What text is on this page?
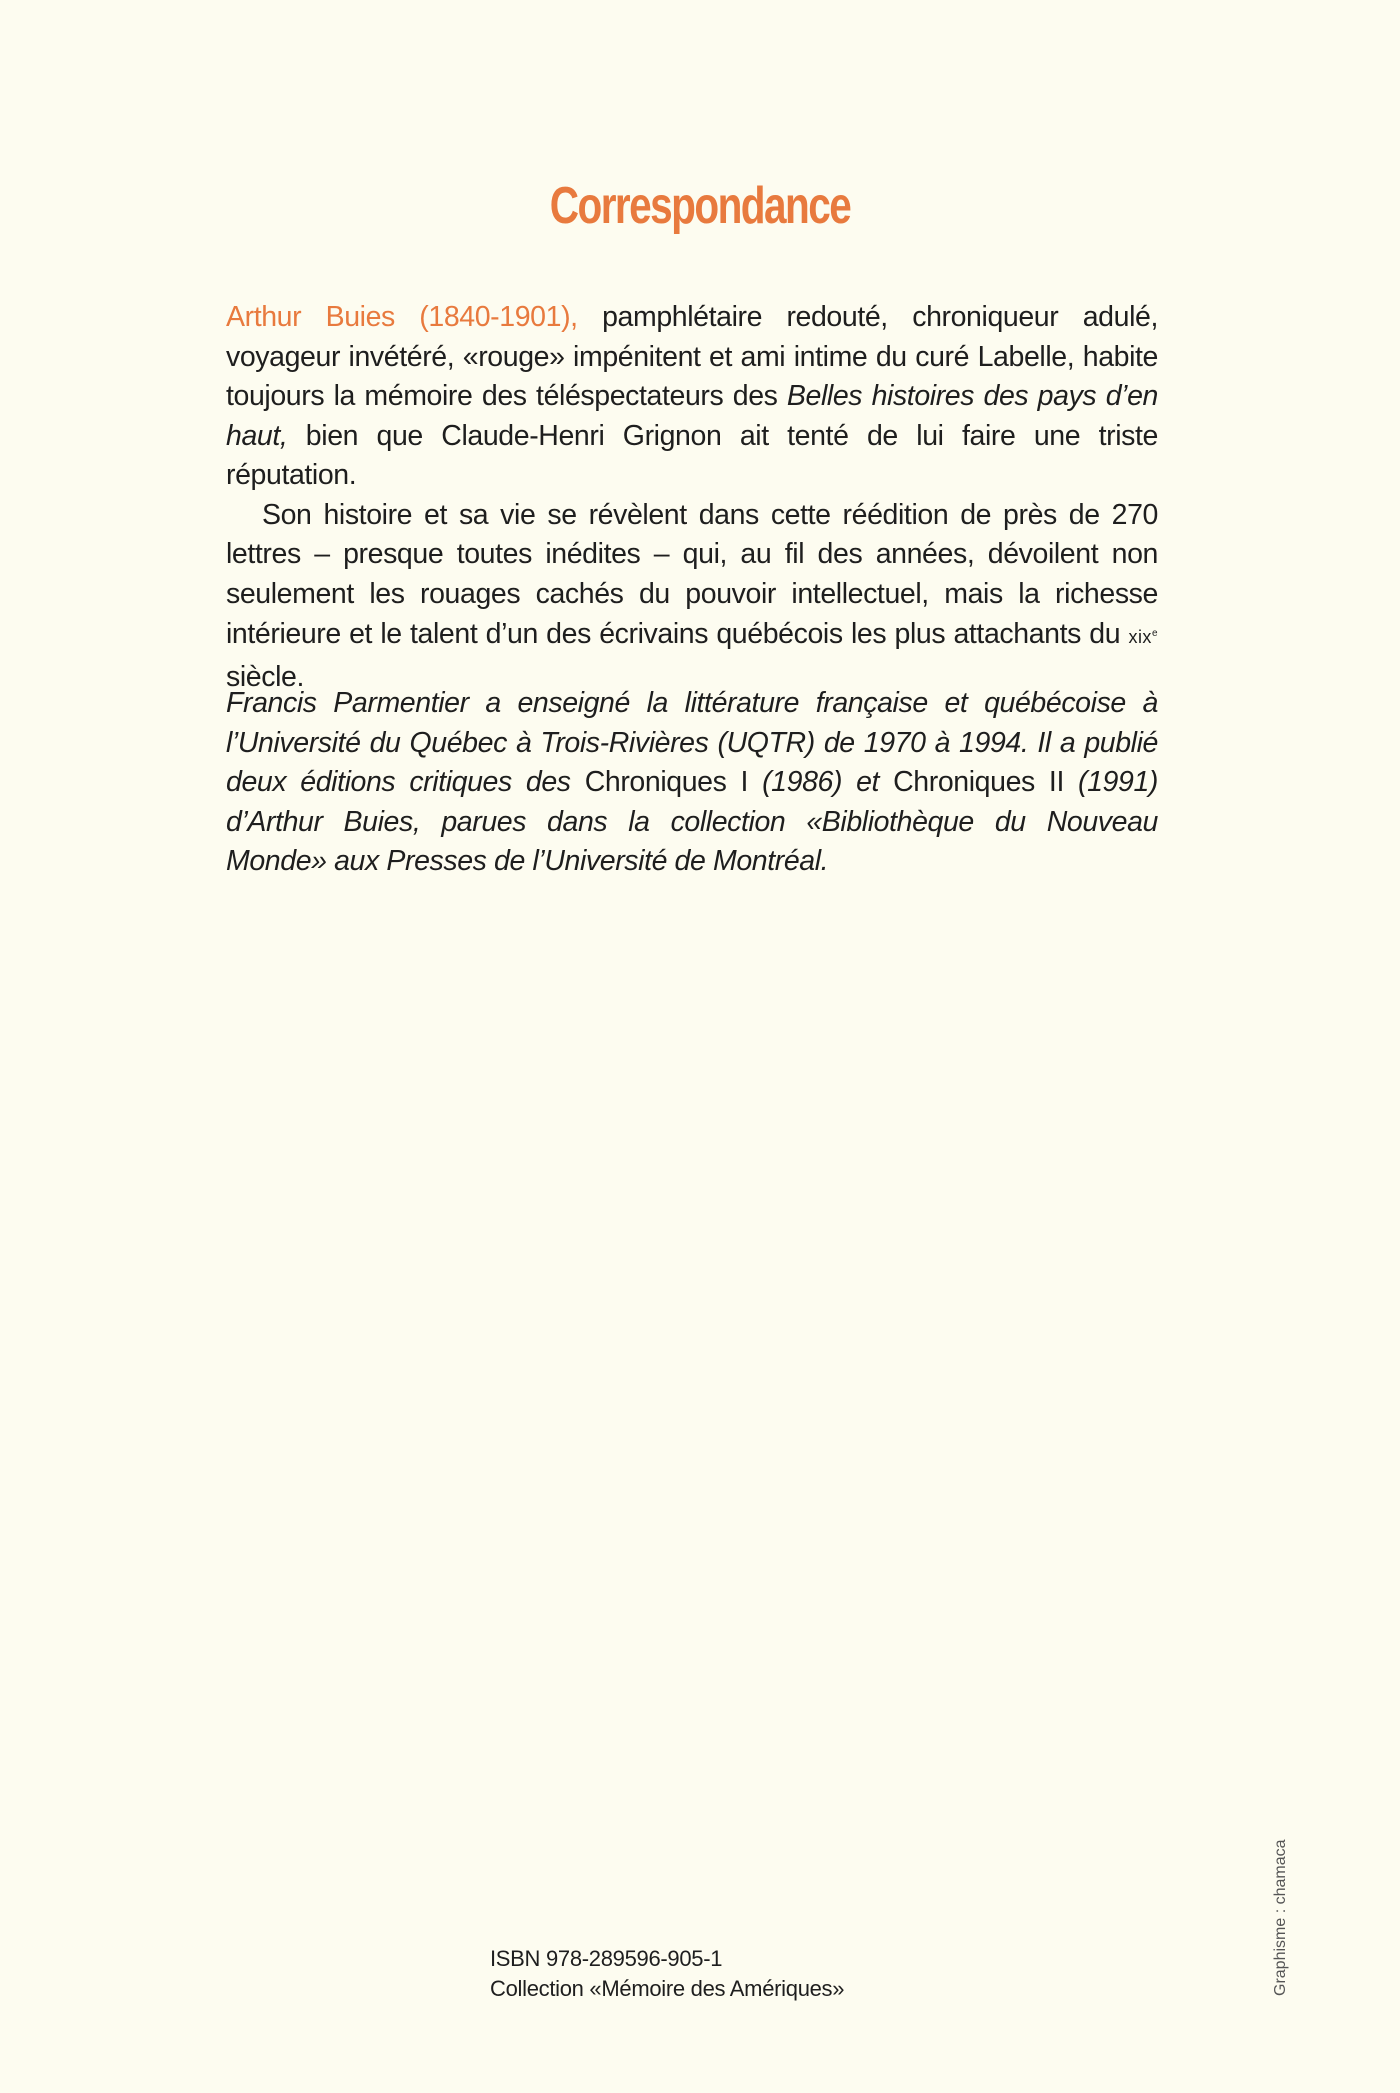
Correspondance

Arthur Buies (1840-1901), pamphlétaire redouté, chroniqueur adulé, voyageur invétéré, «rouge» impénitent et ami intime du curé Labelle, habite toujours la mémoire des téléspectateurs des Belles histoires des pays d’en haut, bien que Claude-Henri Grignon ait tenté de lui faire une triste réputation.

Son histoire et sa vie se révèlent dans cette réédition de près de 270 lettres – presque toutes inédites – qui, au fil des années, dévoilent non seulement les rouages cachés du pouvoir intellectuel, mais la richesse intérieure et le talent d’un des écrivains québécois les plus attachants du xix$^e$ siècle.

Francis Parmentier a enseigné la littérature française et québécoise à l’Université du Québec à Trois-Rivières (UQTR) de 1970 à 1994. Il a publié deux éditions critiques des Chroniques I (1986) et Chroniques II (1991) d’Arthur Buies, parues dans la collection «Bibliothèque du Nouveau Monde» aux Presses de l’Université de Montréal.

ISBN 978-289596-905-1
Collection «Mémoire des Amériques»	Graphisme : chamaca
